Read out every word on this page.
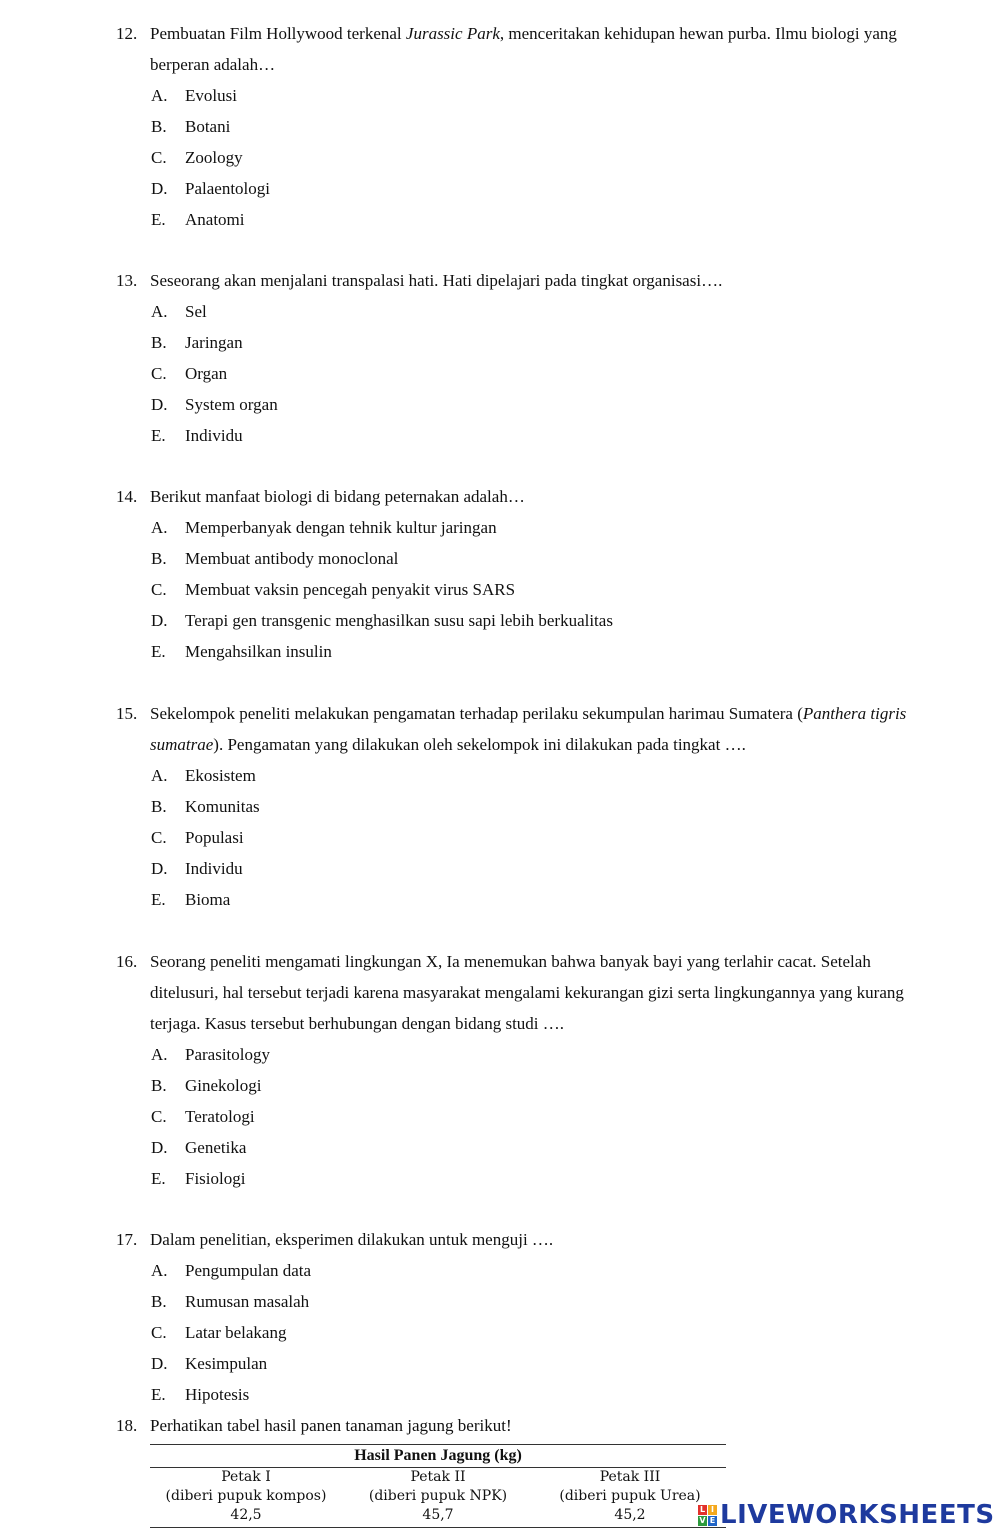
12. Pembuatan Film Hollywood terkenal Jurassic Park, menceritakan kehidupan hewan purba. Ilmu biologi yang berperan adalah…
A. Evolusi
B. Botani
C. Zoology
D. Palaentologi
E. Anatomi
13. Seseorang akan menjalani transpalasi hati. Hati dipelajari pada tingkat organisasi….
A. Sel
B. Jaringan
C. Organ
D. System organ
E. Individu
14. Berikut manfaat biologi di bidang peternakan adalah…
A. Memperbanyak dengan tehnik kultur jaringan
B. Membuat antibody monoclonal
C. Membuat vaksin pencegah penyakit virus SARS
D. Terapi gen transgenic menghasilkan susu sapi lebih berkualitas
E. Mengahsilkan insulin
15. Sekelompok peneliti melakukan pengamatan terhadap perilaku sekumpulan harimau Sumatera (Panthera tigris sumatrae). Pengamatan yang dilakukan oleh sekelompok ini dilakukan pada tingkat ….
A. Ekosistem
B. Komunitas
C. Populasi
D. Individu
E. Bioma
16. Seorang peneliti mengamati lingkungan X, Ia menemukan bahwa banyak bayi yang terlahir cacat. Setelah ditelusuri, hal tersebut terjadi karena masyarakat mengalami kekurangan gizi serta lingkungannya yang kurang terjaga. Kasus tersebut berhubungan dengan bidang studi ….
A. Parasitology
B. Ginekologi
C. Teratologi
D. Genetika
E. Fisiologi
17. Dalam penelitian, eksperimen dilakukan untuk menguji ….
A. Pengumpulan data
B. Rumusan masalah
C. Latar belakang
D. Kesimpulan
E. Hipotesis
18. Perhatikan tabel hasil panen tanaman jagung berikut!
Hasil Panen Jagung (kg)
Petak I
(diberi pupuk kompos)
42,5
Petak II
(diberi pupuk NPK)
45,7
Petak III
(diberi pupuk Urea)
45,2	L I
V E LIVEWORKSHEETS
